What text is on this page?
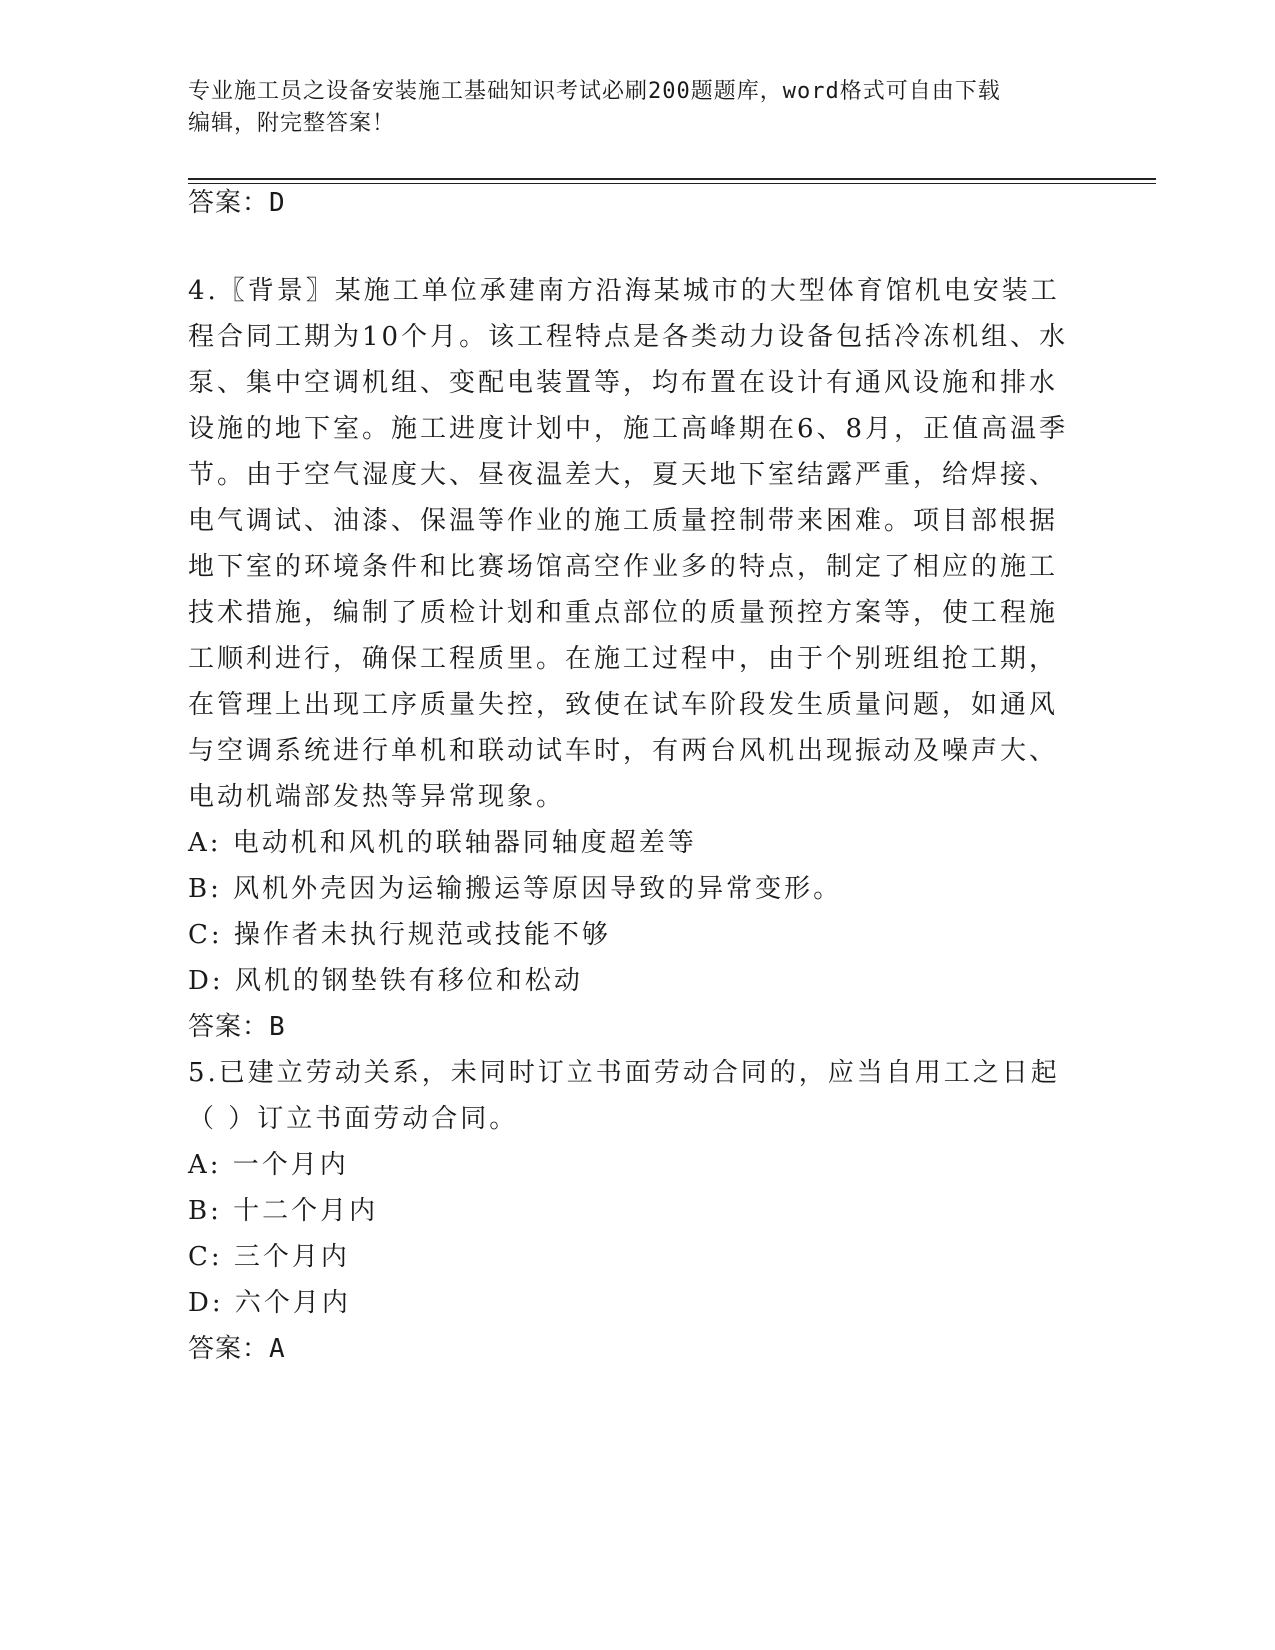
专业施工员之设备安装施工基础知识考试必刷200题题库，word格式可自由下载
编辑，附完整答案！
答案：D
4.〖背景〗某施工单位承建南方沿海某城市的大型体育馆机电安装工
程合同工期为10个月。该工程特点是各类动力设备包括冷冻机组、水
泵、集中空调机组、变配电装置等，均布置在设计有通风设施和排水
设施的地下室。施工进度计划中，施工高峰期在6、8月，正值高温季
节。由于空气湿度大、昼夜温差大，夏天地下室结露严重，给焊接、
电气调试、油漆、保温等作业的施工质量控制带来困难。项目部根据
地下室的环境条件和比赛场馆高空作业多的特点，制定了相应的施工
技术措施，编制了质检计划和重点部位的质量预控方案等，使工程施
工顺利进行，确保工程质里。在施工过程中，由于个别班组抢工期，
在管理上出现工序质量失控，致使在试车阶段发生质量问题，如通风
与空调系统进行单机和联动试车时，有两台风机出现振动及噪声大、
电动机端部发热等异常现象。
A: 电动机和风机的联轴器同轴度超差等
B: 风机外壳因为运输搬运等原因导致的异常变形。
C: 操作者未执行规范或技能不够
D: 风机的钢垫铁有移位和松动
答案：B
5.已建立劳动关系，未同时订立书面劳动合同的，应当自用工之日起
（ ）订立书面劳动合同。
A: 一个月内
B: 十二个月内
C: 三个月内
D: 六个月内
答案：A
